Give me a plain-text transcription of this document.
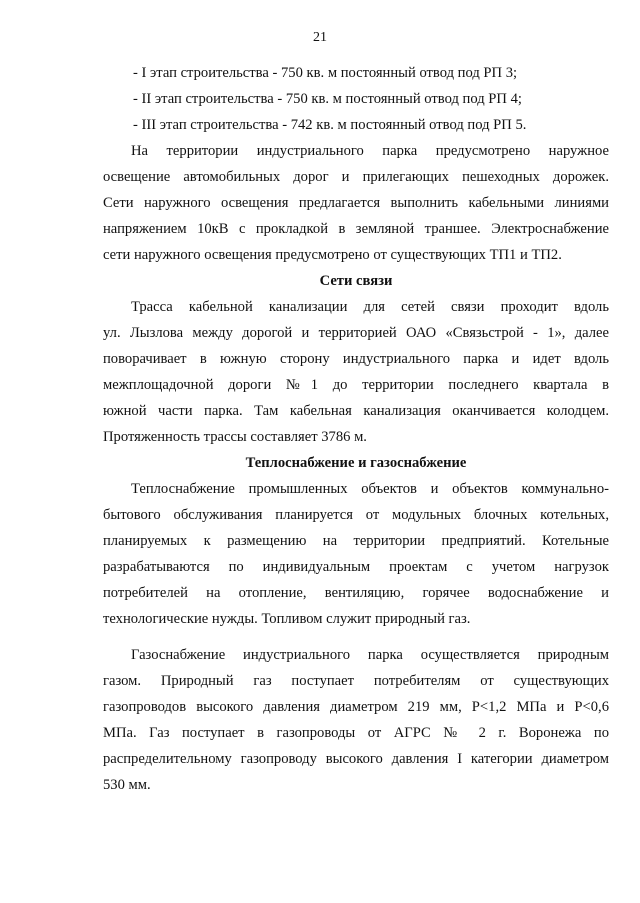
21
- I этап строительства - 750 кв. м постоянный отвод под РП 3;
- II этап строительства - 750 кв. м постоянный отвод под РП 4;
- III этап строительства - 742 кв. м постоянный отвод под РП 5.
На территории индустриального парка предусмотрено наружное
освещение автомобильных дорог и прилегающих пешеходных дорожек.
Сети наружного освещения предлагается выполнить кабельными линиями
напряжением 10кВ с прокладкой в земляной траншее. Электроснабжение
сети наружного освещения предусмотрено от существующих ТП1 и ТП2.
Сети связи
Трасса кабельной канализации для сетей связи проходит вдоль
ул. Лызлова между дорогой и территорией ОАО «Связьстрой - 1», далее
поворачивает в южную сторону индустриального парка и идет вдоль
межплощадочной дороги №1 до территории последнего квартала в
южной части парка. Там кабельная канализация оканчивается колодцем.
Протяженность трассы составляет 3786 м.
Теплоснабжение и газоснабжение
Теплоснабжение промышленных объектов и объектов коммунально-
бытового обслуживания планируется от модульных блочных котельных,
планируемых к размещению на территории предприятий. Котельные
разрабатываются по индивидуальным проектам с учетом нагрузок
потребителей на отопление, вентиляцию, горячее водоснабжение и
технологические нужды. Топливом служит природный газ.
Газоснабжение индустриального парка осуществляется природным
газом. Природный газ поступает потребителям от существующих
газопроводов высокого давления диаметром 219 мм, Р<1,2 МПа и Р<0,6
МПа. Газ поступает в газопроводы от АГРС № 2 г. Воронежа по
распределительному газопроводу высокого давления I категории диаметром
530 мм.
